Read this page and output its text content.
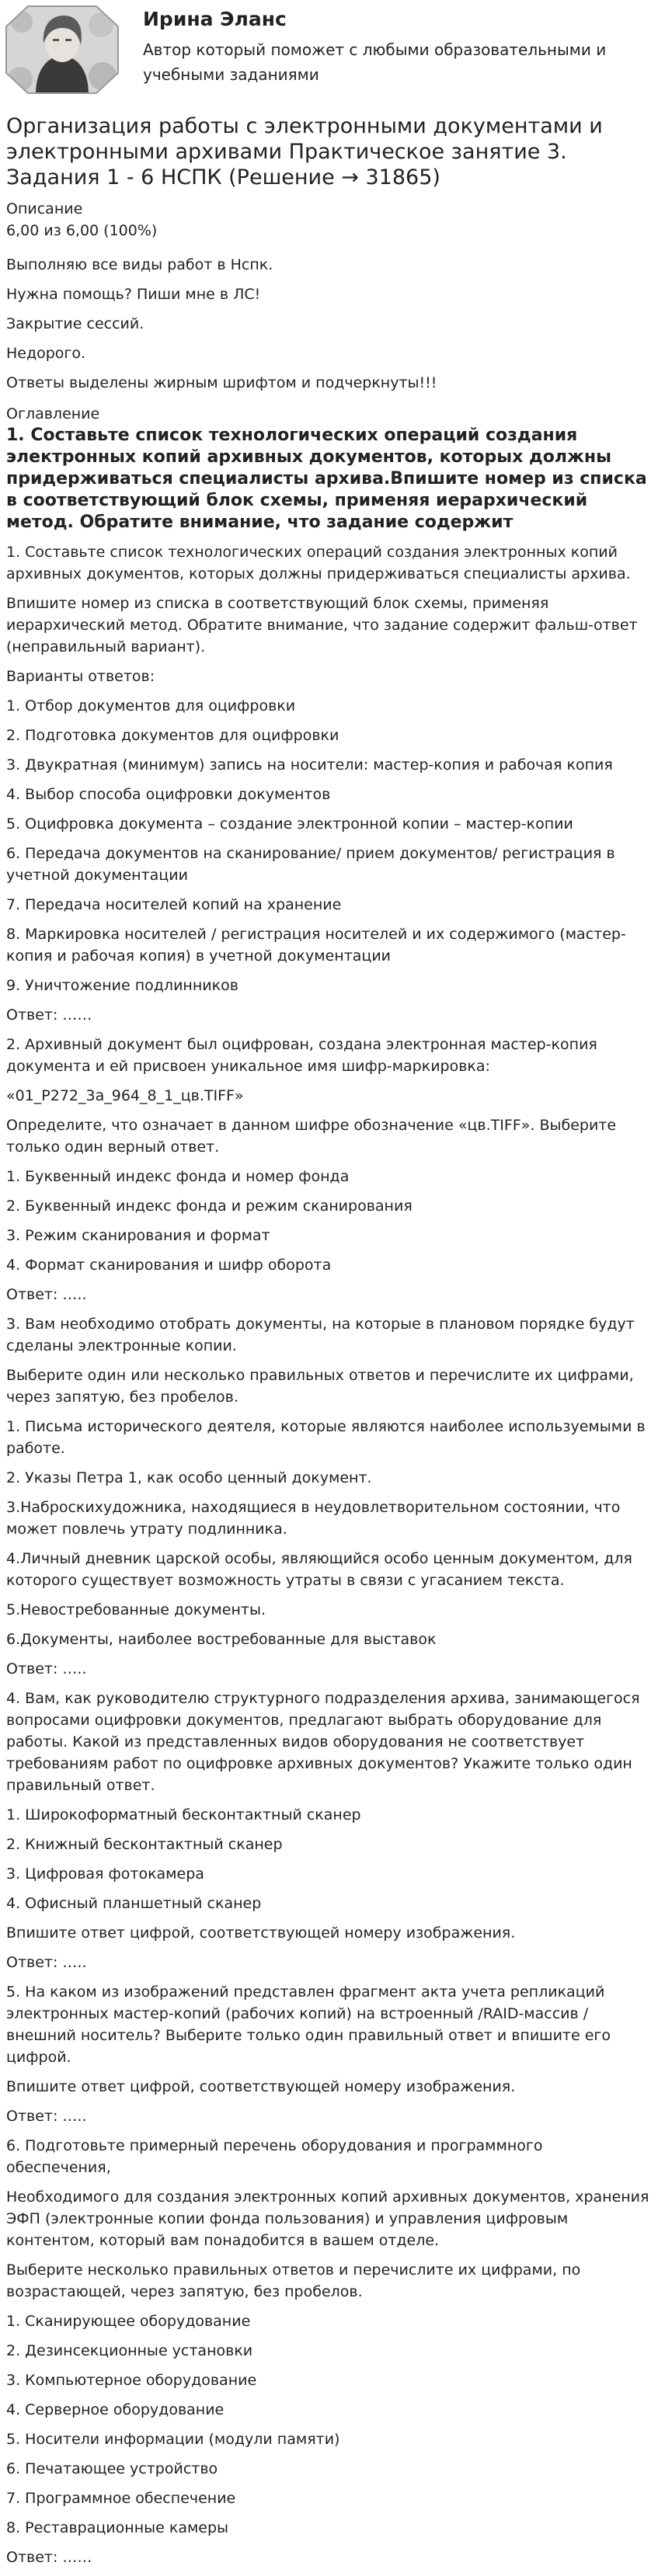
Ирина Эланс
Автор который поможет с любыми образовательными и учебными заданиями
Организация работы с электронными документами и электронными архивами Практическое занятие 3. Задания 1 - 6 НСПК (Решение → 31865)
Описание
6,00 из 6,00 (100%)

Выполняю все виды работ в Нспк.

Нужна помощь? Пиши мне в ЛС!

Закрытие сессий.

Недорого.

Ответы выделены жирным шрифтом и подчеркнуты!!!

Оглавление
1. Составьте список технологических операций создания электронных копий архивных документов, которых должны придерживаться специалисты архива.Впишите номер из списка в соответствующий блок схемы, применяя иерархический метод. Обратите внимание, что задание содержит

1. Составьте список технологических операций создания электронных копий архивных документов, которых должны придерживаться специалисты архива.

Впишите номер из списка в соответствующий блок схемы, применяя иерархический метод. Обратите внимание, что задание содержит фальш-ответ (неправильный вариант).

Варианты ответов:

1. Отбор документов для оцифровки

2. Подготовка документов для оцифровки

3. Двукратная (минимум) запись на носители: мастер-копия и рабочая копия

4. Выбор способа оцифровки документов

5. Оцифровка документа – создание электронной копии – мастер-копии

6. Передача документов на сканирование/ прием документов/ регистрация в учетной документации

7. Передача носителей копий на хранение

8. Маркировка носителей / регистрация носителей и их содержимого (мастер-копия и рабочая копия) в учетной документации

9. Уничтожение подлинников

Ответ: ……

2. Архивный документ был оцифрован, создана электронная мастер-копия документа и ей присвоен уникальное имя шифр-маркировка:

«01_P272_3а_964_8_1_цв.TIFF»

Определите, что означает в данном шифре обозначение «цв.TIFF». Выберите только один верный ответ.

1. Буквенный индекс фонда и номер фонда

2. Буквенный индекс фонда и режим сканирования

3. Режим сканирования и формат

4. Формат сканирования и шифр оборота

Ответ: …..

3. Вам необходимо отобрать документы, на которые в плановом порядке будут сделаны электронные копии.

Выберите один или несколько правильных ответов и перечислите их цифрами, через запятую, без пробелов.

1. Письма исторического деятеля, которые являются наиболее используемыми в работе.

2. Указы Петра 1, как особо ценный документ.

3.Наброскихудожника, находящиеся в неудовлетворительном состоянии, что может повлечь утрату подлинника.

4.Личный дневник царской особы, являющийся особо ценным документом, для которого существует возможность утраты в связи с угасанием текста.

5.Невостребованные документы.

6.Документы, наиболее востребованные для выставок

Ответ: …..

4. Вам, как руководителю структурного подразделения архива, занимающегося вопросами оцифровки документов, предлагают выбрать оборудование для работы. Какой из представленных видов оборудования не соответствует требованиям работ по оцифровке архивных документов? Укажите только один правильный ответ.

1. Широкоформатный бесконтактный сканер

2. Книжный бесконтактный сканер

3. Цифровая фотокамера

4. Офисный планшетный сканер

Впишите ответ цифрой, соответствующей номеру изображения.

Ответ: …..

5. На каком из изображений представлен фрагмент акта учета репликаций электронных мастер-копий (рабочих копий) на встроенный /RAID-массив / внешний носитель? Выберите только один правильный ответ и впишите его цифрой.

Впишите ответ цифрой, соответствующей номеру изображения.

Ответ: …..

6. Подготовьте примерный перечень оборудования и программного обеспечения,

Необходимого для создания электронных копий архивных документов, хранения ЭФП (электронные копии фонда пользования) и управления цифровым контентом, который вам понадобится в вашем отделе.

Выберите несколько правильных ответов и перечислите их цифрами, по возрастающей, через запятую, без пробелов.

1. Сканирующее оборудование

2. Дезинсекционные установки

3. Компьютерное оборудование

4. Серверное оборудование

5. Носители информации (модули памяти)

6. Печатающее устройство

7. Программное обеспечение

8. Реставрационные камеры

Ответ: ……
